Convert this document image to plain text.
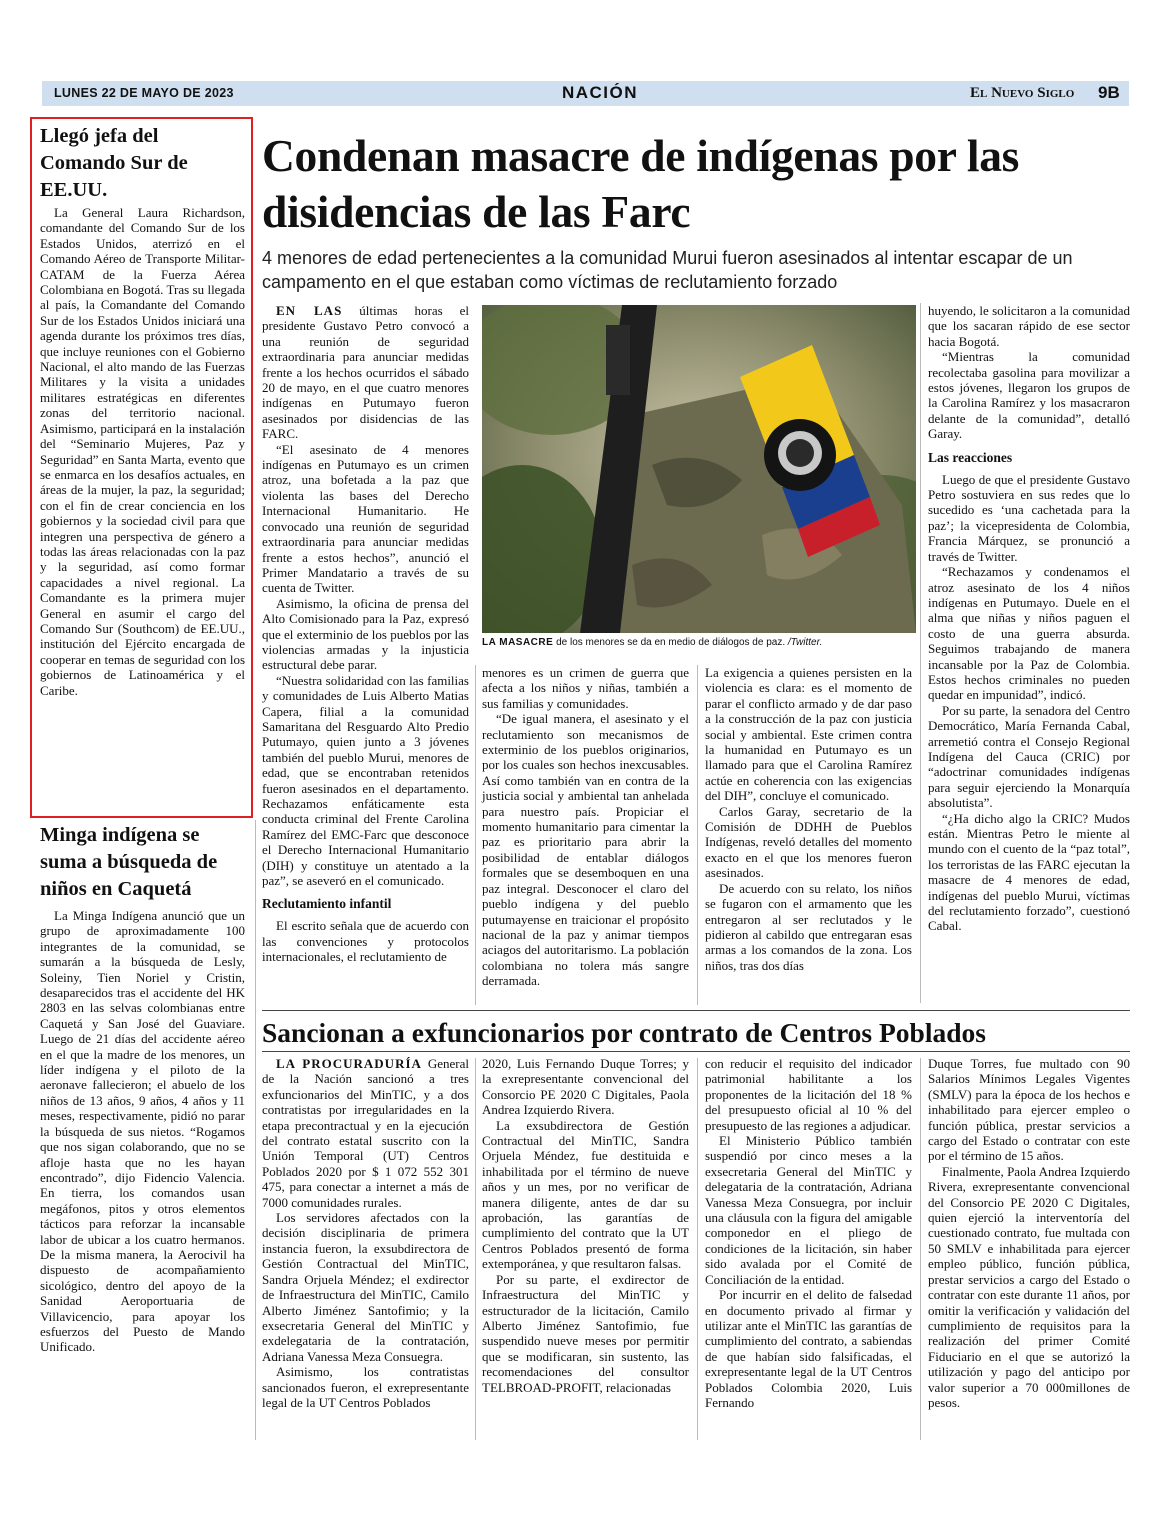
LUNES 22 DE MAYO DE 2023	NACIÓN	El Nuevo Siglo 9B
Llegó jefa del Comando Sur de EE.UU.

La General Laura Richardson, comandante del Comando Sur de los Estados Unidos, aterrizó en el Comando Aéreo de Transporte Militar- CATAM de la Fuerza Aérea Colombiana en Bogotá. Tras su llegada al país, la Comandante del Comando Sur de los Estados Unidos iniciará una agenda durante los próximos tres días, que incluye reuniones con el Gobierno Nacional, el alto mando de las Fuerzas Militares y la visita a unidades militares estratégicas en diferentes zonas del territorio nacional. Asimismo, participará en la instalación del “Seminario Mujeres, Paz y Seguridad” en Santa Marta, evento que se enmarca en los desafíos actuales, en áreas de la mujer, la paz, la seguridad; con el fin de crear conciencia en los gobiernos y la sociedad civil para que integren una perspectiva de género a todas las áreas relacionadas con la paz y la seguridad, así como formar capacidades a nivel regional. La Comandante es la primera mujer General en asumir el cargo del Comando Sur (Southcom) de EE.UU., institución del Ejército encargada de cooperar en temas de seguridad con los gobiernos de Latinoamérica y el Caribe.

Minga indígena se suma a búsqueda de niños en Caquetá

La Minga Indígena anunció que un grupo de aproximadamente 100 integrantes de la comunidad, se sumarán a la búsqueda de Lesly, Soleiny, Tien Noriel y Cristin, desaparecidos tras el accidente del HK 2803 en las selvas colombianas entre Caquetá y San José del Guaviare. Luego de 21 días del accidente aéreo en el que la madre de los menores, un líder indígena y el piloto de la aeronave fallecieron; el abuelo de los niños de 13 años, 9 años, 4 años y 11 meses, respectivamente, pidió no parar la búsqueda de sus nietos. “Rogamos que nos sigan colaborando, que no se afloje hasta que no les hayan encontrado”, dijo Fidencio Valencia. En tierra, los comandos usan megáfonos, pitos y otros elementos tácticos para reforzar la incansable labor de ubicar a los cuatro hermanos. De la misma manera, la Aerocivil ha dispuesto de acompañamiento sicológico, dentro del apoyo de la Sanidad Aeroportuaria de Villavicencio, para apoyar los esfuerzos del Puesto de Mando Unificado.

Condenan masacre de indígenas por las disidencias de las Farc
4 menores de edad pertenecientes a la comunidad Murui fueron asesinados al intentar escapar de un campamento en el que estaban como víctimas de reclutamiento forzado

EN LAS últimas horas el presidente Gustavo Petro convocó a una reunión de seguridad extraordinaria para anunciar medidas frente a los hechos ocurridos el sábado 20 de mayo, en el que cuatro menores indígenas en Putumayo fueron asesinados por disidencias de las FARC.

“El asesinato de 4 menores indígenas en Putumayo es un crimen atroz, una bofetada a la paz que violenta las bases del Derecho Internacional Humanitario. He convocado una reunión de seguridad extraordinaria para anunciar medidas frente a estos hechos”, anunció el Primer Mandatario a través de su cuenta de Twitter.

Asimismo, la oficina de prensa del Alto Comisionado para la Paz, expresó que el exterminio de los pueblos por las violencias armadas y la injusticia estructural debe parar.

“Nuestra solidaridad con las familias y comunidades de Luis Alberto Matias Capera, filial a la comunidad Samaritana del Resguardo Alto Predio Putumayo, quien junto a 3 jóvenes también del pueblo Murui, menores de edad, que se encontraban retenidos fueron asesinados en el departamento. Rechazamos enfáticamente esta conducta criminal del Frente Carolina Ramírez del EMC-Farc que desconoce el Derecho Internacional Humanitario (DIH) y constituye un atentado a la paz”, se aseveró en el comunicado.

Reclutamiento infantil

El escrito señala que de acuerdo con las convenciones y protocolos internacionales, el reclutamiento de

LA MASACRE de los menores se da en medio de diálogos de paz. /Twitter.

menores es un crimen de guerra que afecta a los niños y niñas, también a sus familias y comunidades.

“De igual manera, el asesinato y el reclutamiento son mecanismos de exterminio de los pueblos originarios, por los cuales son hechos inexcusables. Así como también van en contra de la justicia social y ambiental tan anhelada para nuestro país. Propiciar el momento humanitario para cimentar la paz es prioritario para abrir la posibilidad de entablar diálogos formales que se desemboquen en una paz integral. Desconocer el claro del pueblo indígena y del pueblo putumayense en traicionar el propósito nacional de la paz y animar tiempos aciagos del autoritarismo. La población colombiana no tolera más sangre derramada.

La exigencia a quienes persisten en la violencia es clara: es el momento de parar el conflicto armado y de dar paso a la construcción de la paz con justicia social y ambiental. Este crimen contra la humanidad en Putumayo es un llamado para que el Carolina Ramírez actúe en coherencia con las exigencias del DIH”, concluye el comunicado.

Carlos Garay, secretario de la Comisión de DDHH de Pueblos Indígenas, reveló detalles del momento exacto en el que los menores fueron asesinados.

De acuerdo con su relato, los niños se fugaron con el armamento que les entregaron al ser reclutados y le pidieron al cabildo que entregaran esas armas a los comandos de la zona. Los niños, tras dos días

huyendo, le solicitaron a la comunidad que los sacaran rápido de ese sector hacia Bogotá.

“Mientras la comunidad recolectaba gasolina para movilizar a estos jóvenes, llegaron los grupos de la Carolina Ramírez y los masacraron delante de la comunidad”, detalló Garay.

Las reacciones

Luego de que el presidente Gustavo Petro sostuviera en sus redes que lo sucedido es ‘una cachetada para la paz’; la vicepresidenta de Colombia, Francia Márquez, se pronunció a través de Twitter.

“Rechazamos y condenamos el atroz asesinato de los 4 niños indígenas en Putumayo. Duele en el alma que niñas y niños paguen el costo de una guerra absurda. Seguimos trabajando de manera incansable por la Paz de Colombia. Estos hechos criminales no pueden quedar en impunidad”, indicó.

Por su parte, la senadora del Centro Democrático, María Fernanda Cabal, arremetió contra el Consejo Regional Indígena del Cauca (CRIC) por “adoctrinar comunidades indígenas para seguir ejerciendo la Monarquía absolutista”.

“¿Ha dicho algo la CRIC? Mudos están. Mientras Petro le miente al mundo con el cuento de la “paz total”, los terroristas de las FARC ejecutan la masacre de 4 menores de edad, indígenas del pueblo Murui, víctimas del reclutamiento forzado”, cuestionó Cabal.

Sancionan a exfuncionarios por contrato de Centros Poblados

LA PROCURADURÍA General de la Nación sancionó a tres exfuncionarios del MinTIC, y a dos contratistas por irregularidades en la etapa precontractual y en la ejecución del contrato estatal suscrito con la Unión Temporal (UT) Centros Poblados 2020 por $ 1 072 552 301 475, para conectar a internet a más de 7000 comunidades rurales.

Los servidores afectados con la decisión disciplinaria de primera instancia fueron, la exsubdirectora de Gestión Contractual del MinTIC, Sandra Orjuela Méndez; el exdirector de Infraestructura del MinTIC, Camilo Alberto Jiménez Santofimio; y la exsecretaria General del MinTIC y exdelegataria de la contratación, Adriana Vanessa Meza Consuegra.

Asimismo, los contratistas sancionados fueron, el exrepresentante legal de la UT Centros Poblados

2020, Luis Fernando Duque Torres; y la exrepresentante convencional del Consorcio PE 2020 C Digitales, Paola Andrea Izquierdo Rivera.

La exsubdirectora de Gestión Contractual del MinTIC, Sandra Orjuela Méndez, fue destituida e inhabilitada por el término de nueve años y un mes, por no verificar de manera diligente, antes de dar su aprobación, las garantías de cumplimiento del contrato que la UT Centros Poblados presentó de forma extemporánea, y que resultaron falsas.

Por su parte, el exdirector de Infraestructura del MinTIC y estructurador de la licitación, Camilo Alberto Jiménez Santofimio, fue suspendido nueve meses por permitir que se modificaran, sin sustento, las recomendaciones del consultor TELBROAD-PROFIT, relacionadas

con reducir el requisito del indicador patrimonial habilitante a los proponentes de la licitación del 18 % del presupuesto oficial al 10 % del presupuesto de las regiones a adjudicar.

El Ministerio Público también suspendió por cinco meses a la exsecretaria General del MinTIC y delegataria de la contratación, Adriana Vanessa Meza Consuegra, por incluir una cláusula con la figura del amigable componedor en el pliego de condiciones de la licitación, sin haber sido avalada por el Comité de Conciliación de la entidad.

Por incurrir en el delito de falsedad en documento privado al firmar y utilizar ante el MinTIC las garantías de cumplimiento del contrato, a sabiendas de que habían sido falsificadas, el exrepresentante legal de la UT Centros Poblados Colombia 2020, Luis Fernando

Duque Torres, fue multado con 90 Salarios Mínimos Legales Vigentes (SMLV) para la época de los hechos e inhabilitado para ejercer empleo o función pública, prestar servicios a cargo del Estado o contratar con este por el término de 15 años.

Finalmente, Paola Andrea Izquierdo Rivera, exrepresentante convencional del Consorcio PE 2020 C Digitales, quien ejerció la interventoría del cuestionado contrato, fue multada con 50 SMLV e inhabilitada para ejercer empleo público, función pública, prestar servicios a cargo del Estado o contratar con este durante 11 años, por omitir la verificación y validación del cumplimiento de requisitos para la realización del primer Comité Fiduciario en el que se autorizó la utilización y pago del anticipo por valor superior a 70 000millones de pesos.
